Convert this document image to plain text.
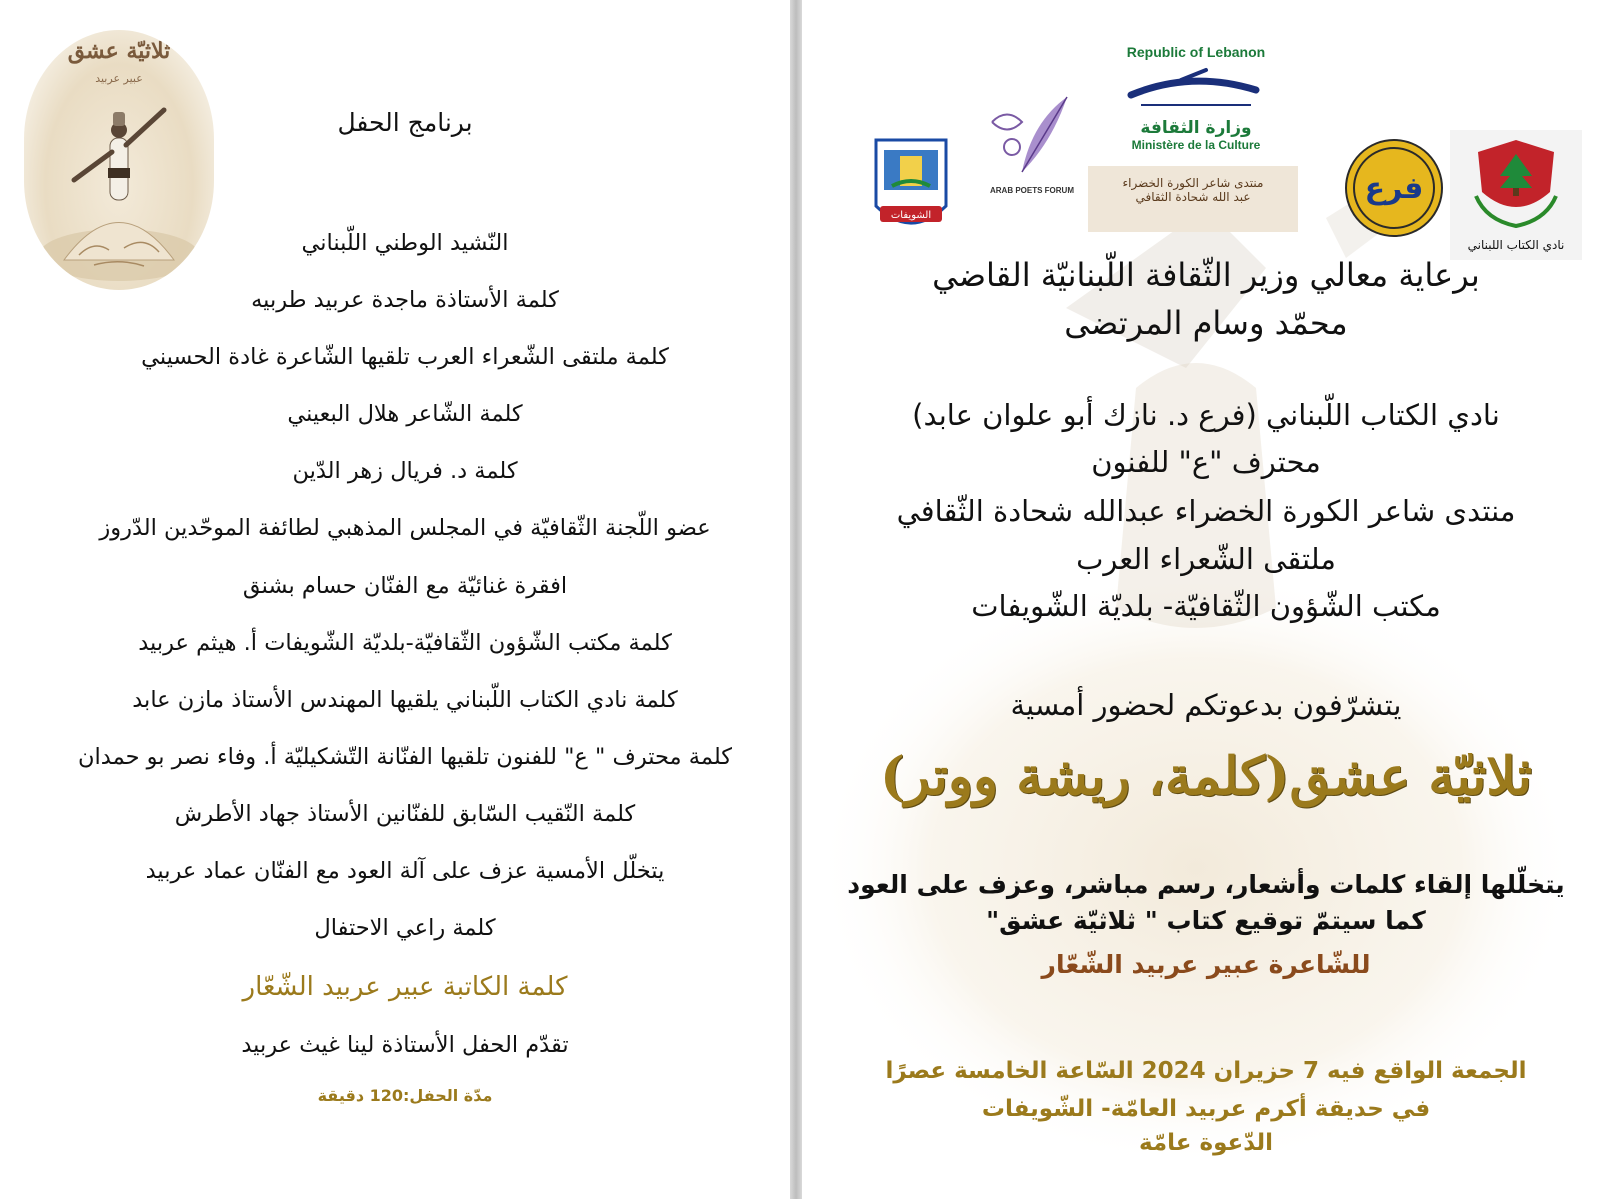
ثلاثيّة عشق
عبير عربيد
برنامج الحفل
النّشيد الوطني اللّبناني
كلمة الأستاذة ماجدة عربيد طربيه
كلمة ملتقى الشّعراء العرب تلقيها الشّاعرة غادة الحسيني
كلمة الشّاعر هلال البعيني
كلمة د. فريال زهر الدّين
عضو اللّجنة الثّقافيّة في المجلس المذهبي لطائفة الموحّدين الدّروز
افقرة غنائيّة مع الفنّان حسام بشنق
كلمة مكتب الشّؤون الثّقافيّة-بلديّة الشّويفات أ. هيثم عربيد
كلمة نادي الكتاب اللّبناني يلقيها المهندس الأستاذ مازن عابد
كلمة محترف " ع" للفنون تلقيها الفنّانة التّشكيليّة أ. وفاء نصر بو حمدان
كلمة النّقيب السّابق للفنّانين الأستاذ جهاد الأطرش
يتخلّل الأمسية عزف على آلة العود مع الفنّان عماد عربيد
كلمة راعي الاحتفال
كلمة الكاتبة عبير عربيد الشّعّار
تقدّم الحفل الأستاذة لينا غيث عربيد
مدّة الحفل:120 دقيقة
Republic of Lebanon
وزارة الثقافة
Ministère de la Culture
منتدى شاعر الكورة الخضراء
عبد الله شحادة الثقافي
نادي الكتاب اللبناني
فرع
ARAB POETS FORUM
الشويفات
برعاية معالي وزير الثّقافة اللّبنانيّة القاضي
محمّد وسام المرتضى
نادي الكتاب اللّبناني (فرع د. نازك أبو علوان عابد)
محترف "ع" للفنون
منتدى شاعر الكورة الخضراء عبدالله شحادة الثّقافي
ملتقى الشّعراء العرب
مكتب الشّؤون الثّقافيّة- بلديّة الشّويفات
يتشرّفون بدعوتكم لحضور أمسية
ثلاثيّة عشق(كلمة، ريشة ووتر)
يتخلّلها إلقاء كلمات وأشعار، رسم مباشر، وعزف على العود
كما سيتمّ توقيع كتاب " ثلاثيّة عشق"
للشّاعرة عبير عربيد الشّعّار
الجمعة الواقع فيه 7 حزيران 2024 السّاعة الخامسة عصرًا
في حديقة أكرم عربيد العامّة- الشّويفات
الدّعوة عامّة
